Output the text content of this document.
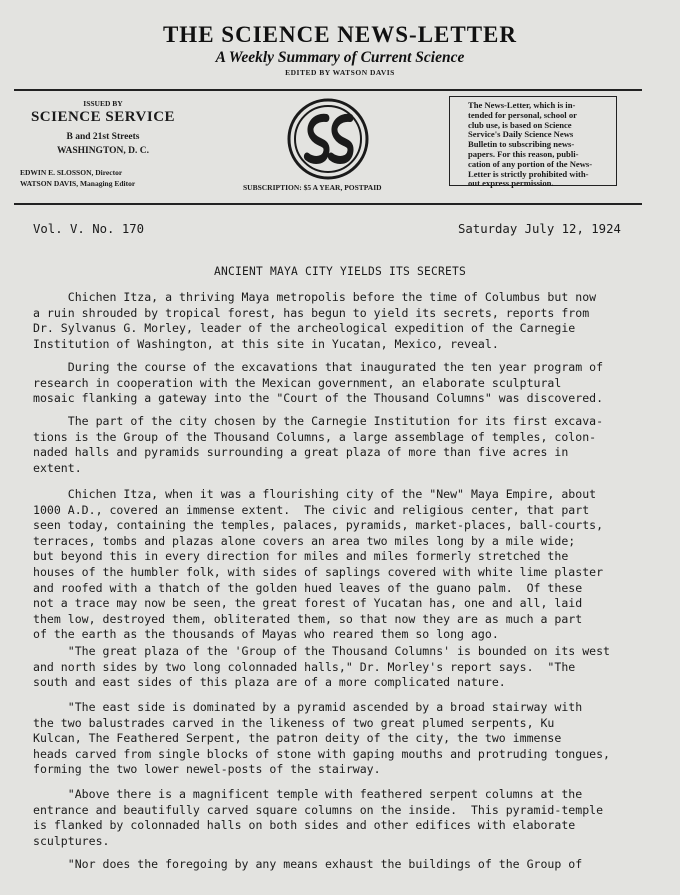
THE SCIENCE NEWS-LETTER
A Weekly Summary of Current Science
EDITED BY WATSON DAVIS
ISSUED BY
SCIENCE SERVICE
B and 21st Streets
WASHINGTON, D. C.
EDWIN E. SLOSSON, Director
WATSON DAVIS, Managing Editor	SUBSCRIPTION: $5 A YEAR, POSTPAID
The News-Letter, which is in-
tended for personal, school or
club use, is based on Science
Service's Daily Science News
Bulletin to subscribing news-
papers. For this reason, publi-
cation of any portion of the News-
Letter is strictly prohibited with-
out express permission.
Vol. V. No. 170	Saturday July 12, 1924
ANCIENT MAYA CITY YIELDS ITS SECRETS
Chichen Itza, a thriving Maya metropolis before the time of Columbus but now
a ruin shrouded by tropical forest, has begun to yield its secrets, reports from
Dr. Sylvanus G. Morley, leader of the archeological expedition of the Carnegie
Institution of Washington, at this site in Yucatan, Mexico, reveal.
During the course of the excavations that inaugurated the ten year program of
research in cooperation with the Mexican government, an elaborate sculptural
mosaic flanking a gateway into the "Court of the Thousand Columns" was discovered.
The part of the city chosen by the Carnegie Institution for its first excava-
tions is the Group of the Thousand Columns, a large assemblage of temples, colon-
naded halls and pyramids surrounding a great plaza of more than five acres in
extent.
Chichen Itza, when it was a flourishing city of the "New" Maya Empire, about
1000 A.D., covered an immense extent.  The civic and religious center, that part
seen today, containing the temples, palaces, pyramids, market-places, ball-courts,
terraces, tombs and plazas alone covers an area two miles long by a mile wide;
but beyond this in every direction for miles and miles formerly stretched the
houses of the humbler folk, with sides of saplings covered with white lime plaster
and roofed with a thatch of the golden hued leaves of the guano palm.  Of these
not a trace may now be seen, the great forest of Yucatan has, one and all, laid
them low, destroyed them, obliterated them, so that now they are as much a part
of the earth as the thousands of Mayas who reared them so long ago.
"The great plaza of the 'Group of the Thousand Columns' is bounded on its west
and north sides by two long colonnaded halls," Dr. Morley's report says.  "The
south and east sides of this plaza are of a more complicated nature.
"The east side is dominated by a pyramid ascended by a broad stairway with
the two balustrades carved in the likeness of two great plumed serpents, Ku
Kulcan, The Feathered Serpent, the patron deity of the city, the two immense
heads carved from single blocks of stone with gaping mouths and protruding tongues,
forming the two lower newel-posts of the stairway.
"Above there is a magnificent temple with feathered serpent columns at the
entrance and beautifully carved square columns on the inside.  This pyramid-temple
is flanked by colonnaded halls on both sides and other edifices with elaborate
sculptures.
"Nor does the foregoing by any means exhaust the buildings of the Group of
